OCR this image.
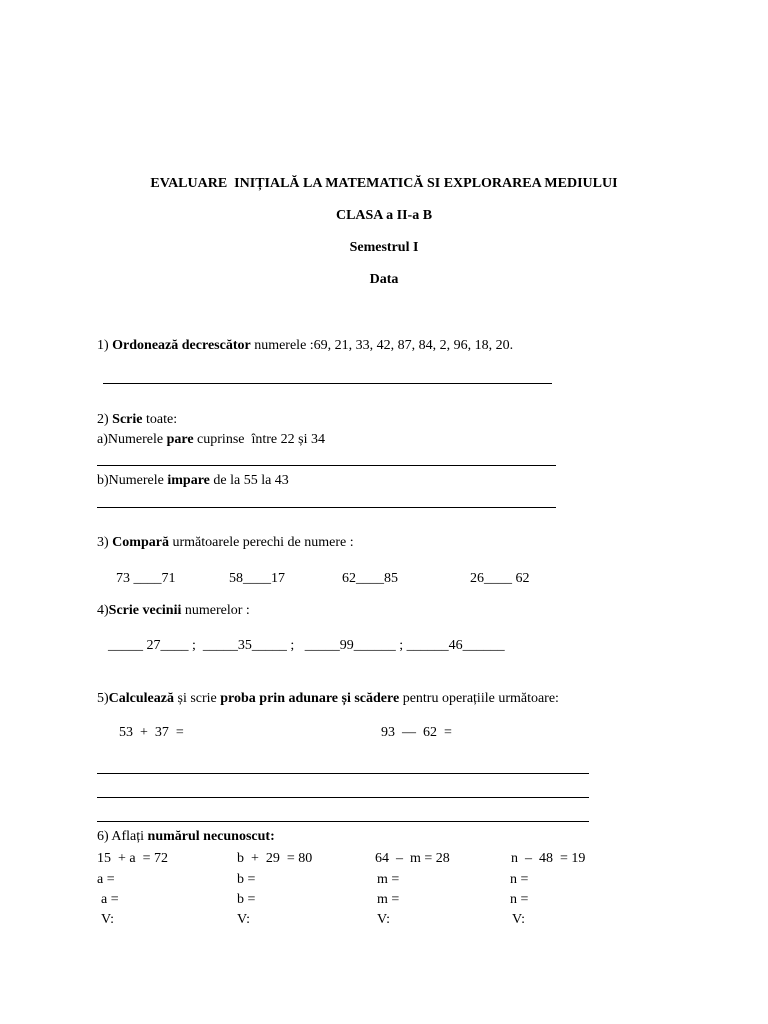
EVALUARE  INIȚIALĂ LA MATEMATICĂ SI EXPLORAREA MEDIULUI
CLASA a II-a B
Semestrul I
Data
1) Ordonează decrescător numerele :69, 21, 33, 42, 87, 84, 2, 96, 18, 20.
2) Scrie toate:
a)Numerele pare cuprinse  între 22 și 34
b)Numerele impare de la 55 la 43
3) Compară următoarele perechi de numere :
73 ____71	58____17	62____85	26____ 62
4)Scrie vecinii numerelor :
_____ 27____ ;  _____35_____ ;   _____99______ ; ______46______
5)Calculează și scrie proba prin adunare și scădere pentru operațiile următoare:
53  +  37  =	93  —  62  =
6) Aflați numărul necunoscut:
15  + a  = 72	b  +  29  = 80	64  –  m = 28	n  –  48  = 19
a =	b =	m =	n =
a =	b =	m =	n =
V:	V:	V:	V:
